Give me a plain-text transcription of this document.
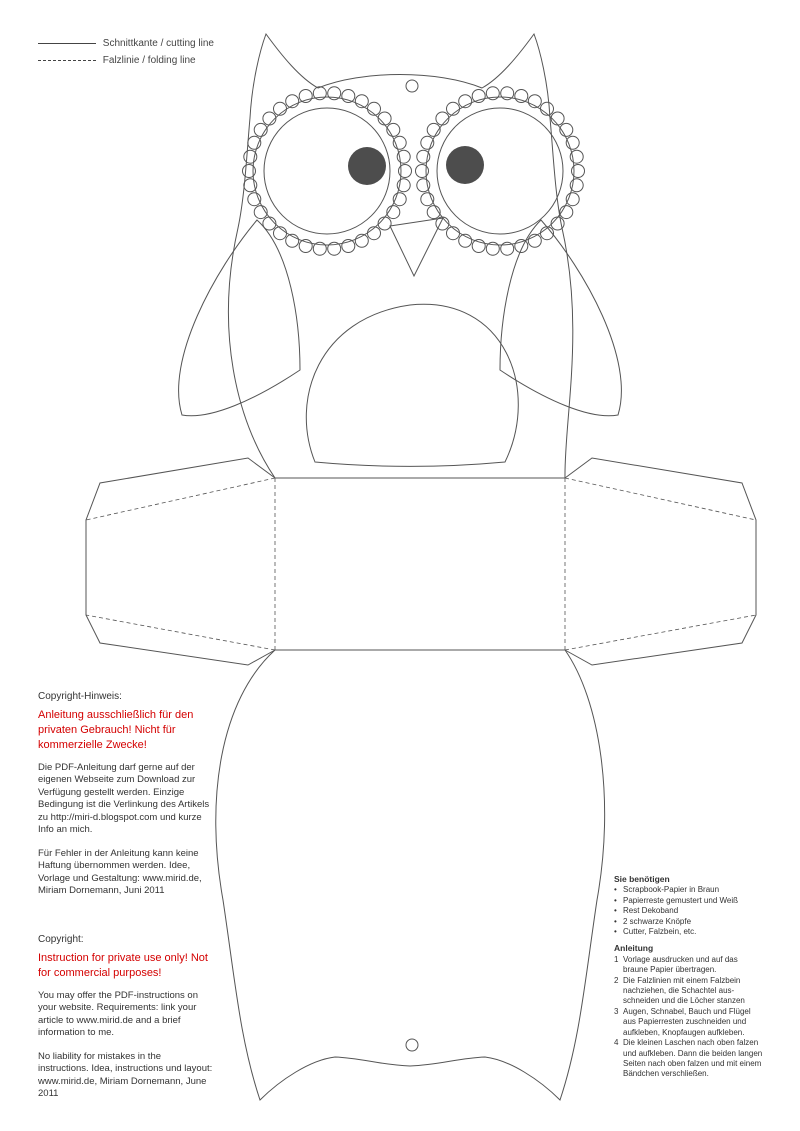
Schnittkante / cutting line
Falzlinie / folding line

Copyright-Hinweis:

Anleitung ausschließlich für den privaten Gebrauch! Nicht für kommerzielle Zwecke!

Die PDF-Anleitung darf gerne auf der eigenen Webseite zum Download zur Verfügung gestellt werden. Einzige Bedingung ist die Verlinkung des Artikels zu http://miri-d.blogspot.com und kurze Info an mich.

Für Fehler in der Anleitung kann keine Haftung übernommen werden. Idee, Vorlage und Gestaltung: www.mirid.de, Miriam Dornemann, Juni 2011

Copyright:

Instruction for private use only! Not for commercial purposes!

You may offer the PDF-instructions on your website. Requirements: link your article to www.mirid.de and a brief information to me.

No liability for mistakes in the instructions. Idea, instructions und layout: www.mirid.de, Miriam Dornemann, June 2011

Sie benötigen
• Scrapbook-Papier in Braun
• Papierreste gemustert und Weiß
• Rest Dekoband
• 2 schwarze Knöpfe
• Cutter, Falzbein, etc.
Anleitung
1 Vorlage ausdrucken und auf das braune Papier übertragen.
2 Die Falzlinien mit einem Falzbein nachziehen, die Schachtel aus-schneiden und die Löcher stanzen
3 Augen, Schnabel, Bauch und Flügel aus Papierresten zuschneiden und aufkleben, Knopfaugen aufkleben.
4 Die kleinen Laschen nach oben falzen und aufkleben. Dann die beiden langen Seiten nach oben falzen und mit einem Bändchen verschließen.
